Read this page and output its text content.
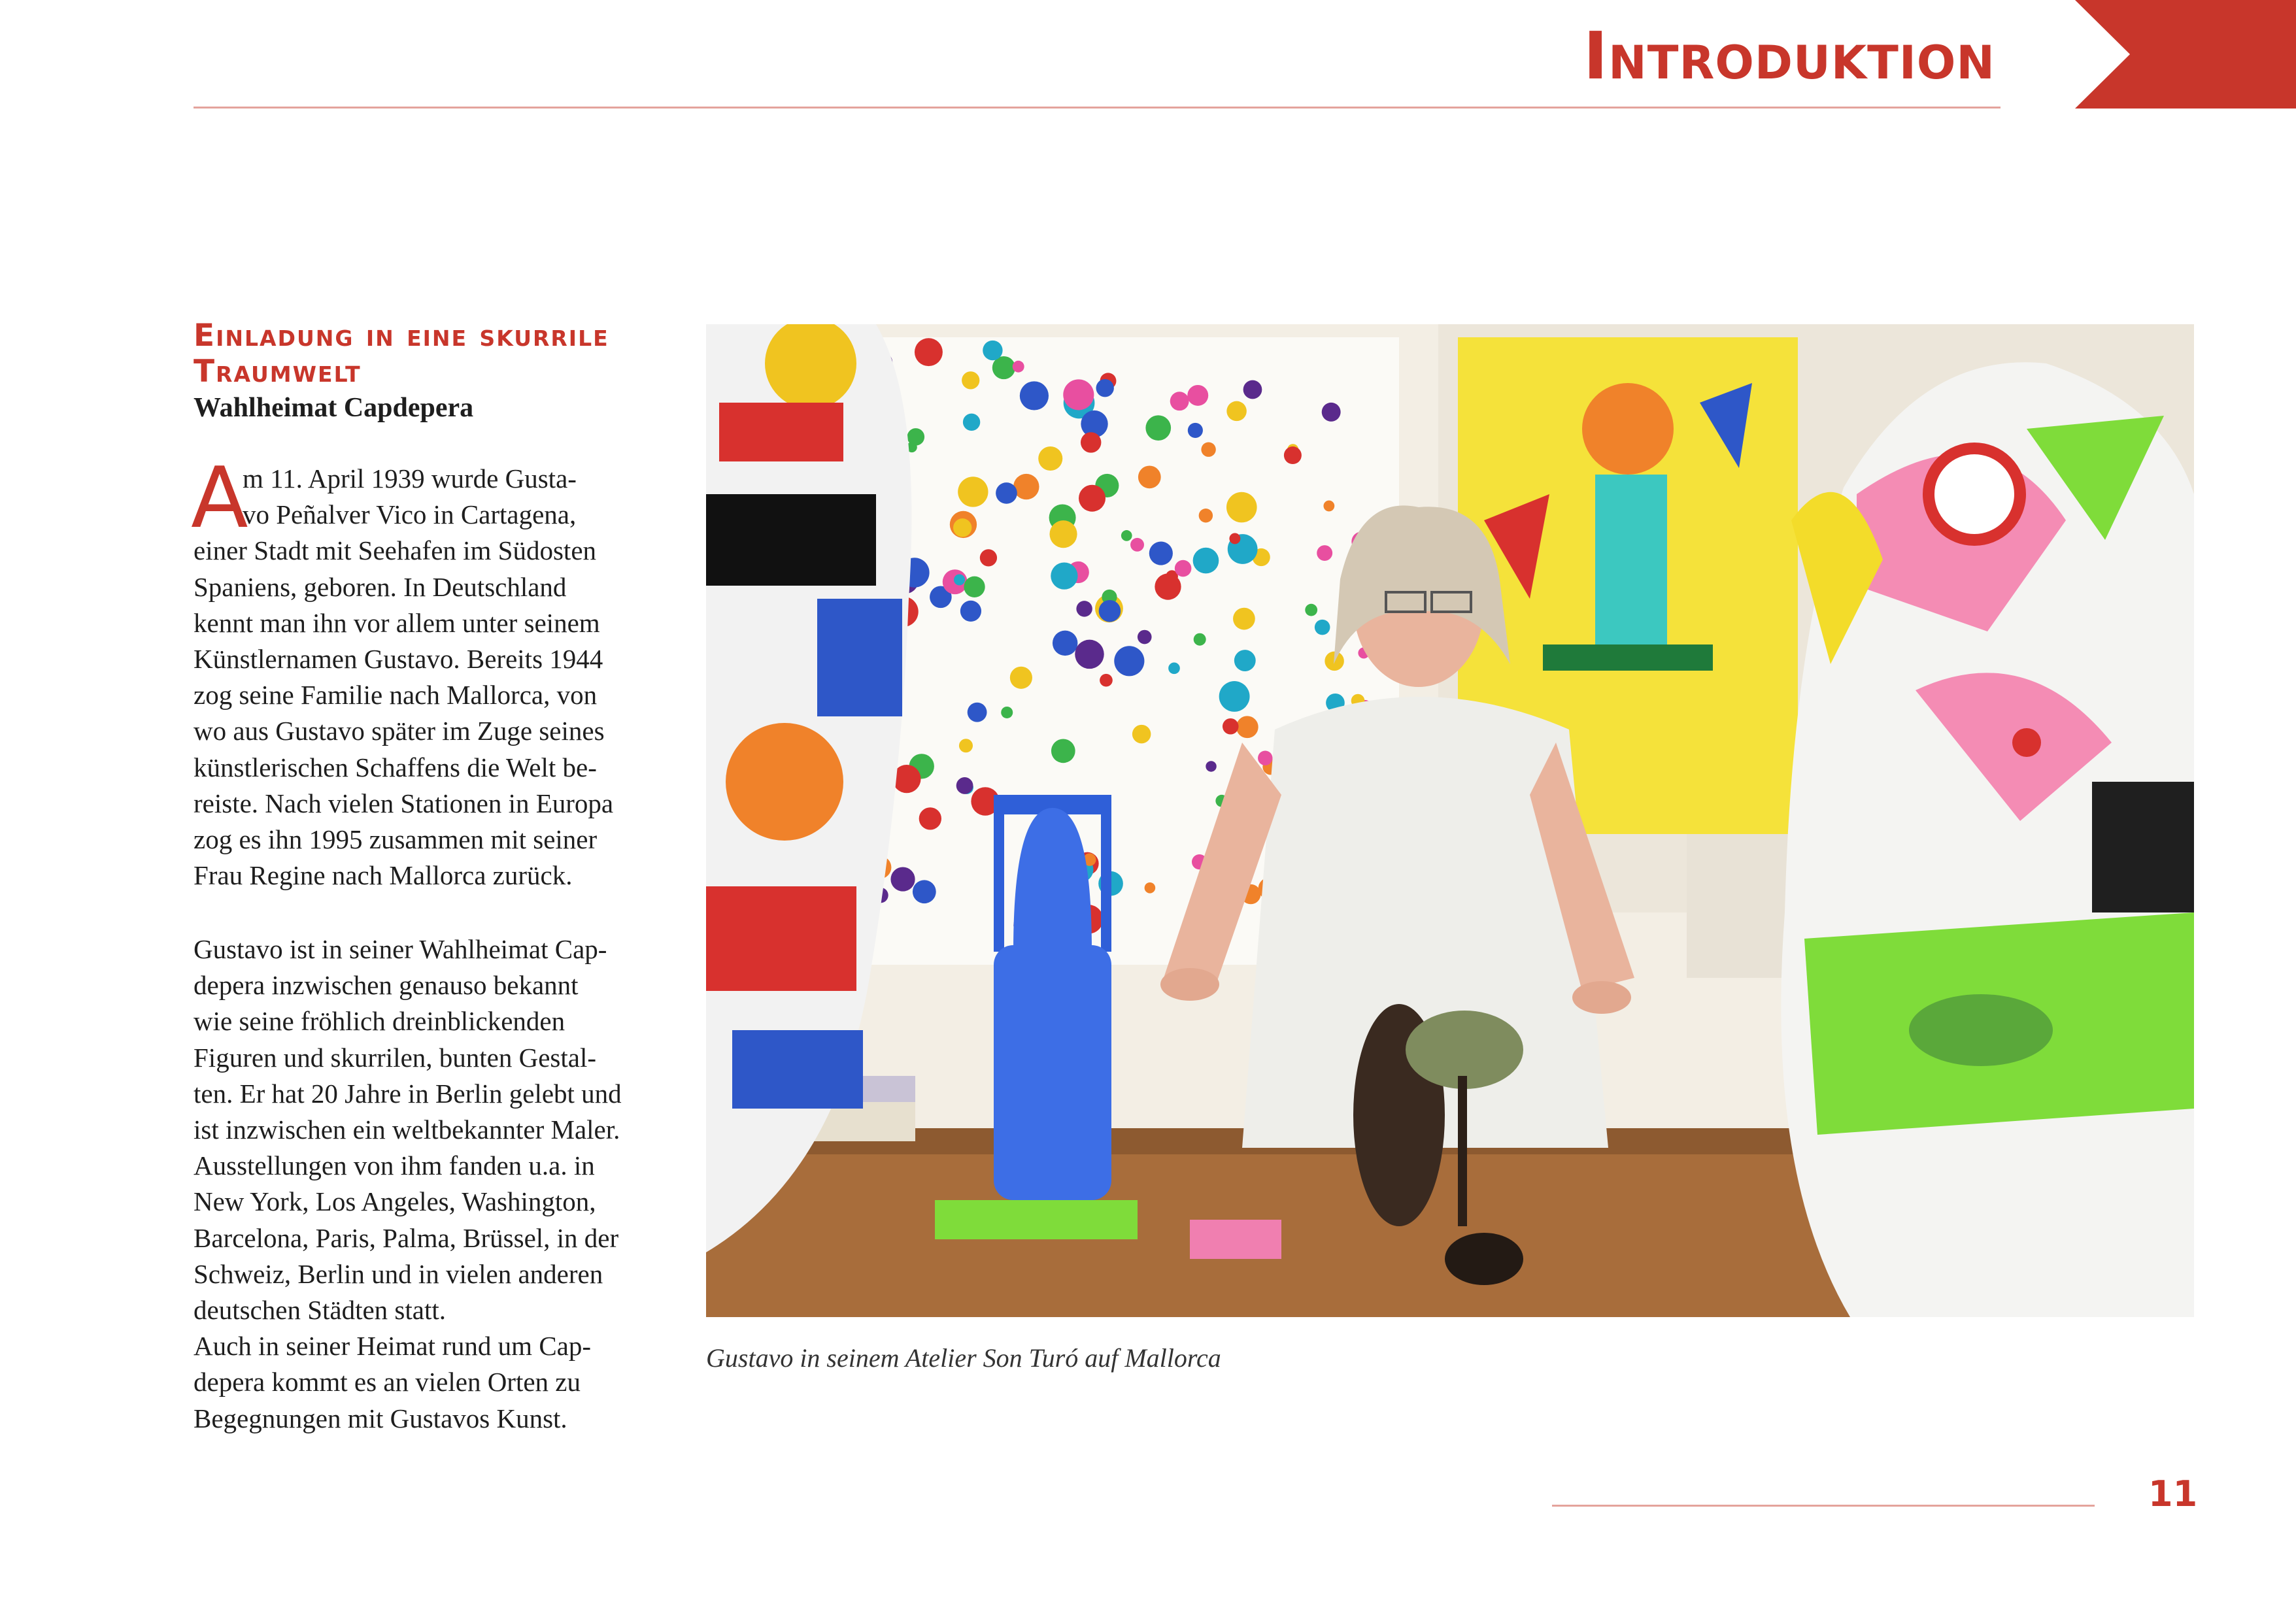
Introduktion
Einladung in eine skurrile
Traumwelt
Wahlheimat Capdepera
A
m 11. April 1939 wurde Gusta-
vo Peñalver Vico in Cartagena,
einer Stadt mit Seehafen im Südosten
Spaniens, geboren. In Deutschland
kennt man ihn vor allem unter seinem
Künstlernamen Gustavo. Bereits 1944
zog seine Familie nach Mallorca, von
wo aus Gustavo später im Zuge seines
künstlerischen Schaffens die Welt be-
reiste. Nach vielen Stationen in Europa
zog es ihn 1995 zusammen mit seiner
Frau Regine nach Mallorca zurück.
Gustavo ist in seiner Wahlheimat Cap-
depera inzwischen genauso bekannt
wie seine fröhlich dreinblickenden
Figuren und skurrilen, bunten Gestal-
ten. Er hat 20 Jahre in Berlin gelebt und
ist inzwischen ein weltbekannter Maler.
Ausstellungen von ihm fanden u.a. in
New York, Los Angeles, Washington,
Barcelona, Paris, Palma, Brüssel, in der
Schweiz, Berlin und in vielen anderen
deutschen Städten statt.
Auch in seiner Heimat rund um Cap-
depera kommt es an vielen Orten zu
Begegnungen mit Gustavos Kunst.
Gustavo in seinem Atelier Son Turó auf Mallorca
11
